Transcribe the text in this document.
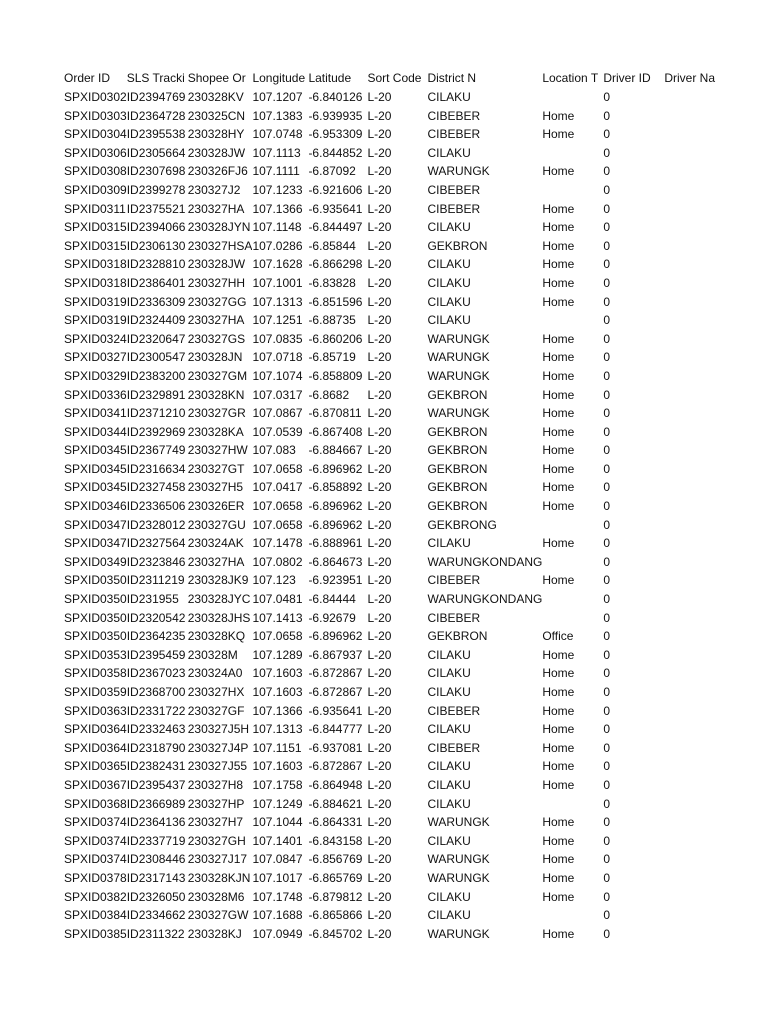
Order ID	SLS Tracki	Shopee Or	Longitude	Latitude	Sort Code	District N	Location T	Driver ID	Driver Na
SPXID0302	ID2394769	230328KV	107.1207	-6.840126	L-20	CILAKU		0	
SPXID0303	ID2364728	230325CN	107.1383	-6.939935	L-20	CIBEBER	Home	0	
SPXID0304	ID2395538	230328HY	107.0748	-6.953309	L-20	CIBEBER	Home	0	
SPXID0306	ID2305664	230328JW	107.1113	-6.844852	L-20	CILAKU		0	
SPXID0308	ID2307698	230326FJ6	107.1111	-6.87092	L-20	WARUNGK	Home	0	
SPXID0309	ID2399278	230327J2	107.1233	-6.921606	L-20	CIBEBER		0	
SPXID0311	ID2375521	230327HA	107.1366	-6.935641	L-20	CIBEBER	Home	0	
SPXID0315	ID2394066	230328JYN	107.1148	-6.844497	L-20	CILAKU	Home	0	
SPXID0315	ID2306130	230327HSA	107.0286	-6.85844	L-20	GEKBRON	Home	0	
SPXID0318	ID2328810	230328JW	107.1628	-6.866298	L-20	CILAKU	Home	0	
SPXID0318	ID2386401	230327HH	107.1001	-6.83828	L-20	CILAKU	Home	0	
SPXID0319	ID2336309	230327GG	107.1313	-6.851596	L-20	CILAKU	Home	0	
SPXID0319	ID2324409	230327HA	107.1251	-6.88735	L-20	CILAKU		0	
SPXID0324	ID2320647	230327GS	107.0835	-6.860206	L-20	WARUNGK	Home	0	
SPXID0327	ID2300547	230328JN	107.0718	-6.85719	L-20	WARUNGK	Home	0	
SPXID0329	ID2383200	230327GM	107.1074	-6.858809	L-20	WARUNGK	Home	0	
SPXID0336	ID2329891	230328KN	107.0317	-6.8682	L-20	GEKBRON	Home	0	
SPXID0341	ID2371210	230327GR	107.0867	-6.870811	L-20	WARUNGK	Home	0	
SPXID0344	ID2392969	230328KA	107.0539	-6.867408	L-20	GEKBRON	Home	0	
SPXID0345	ID2367749	230327HW	107.083	-6.884667	L-20	GEKBRON	Home	0	
SPXID0345	ID2316634	230327GT	107.0658	-6.896962	L-20	GEKBRON	Home	0	
SPXID0345	ID2327458	230327H5	107.0417	-6.858892	L-20	GEKBRON	Home	0	
SPXID0346	ID2336506	230326ER	107.0658	-6.896962	L-20	GEKBRON	Home	0	
SPXID0347	ID2328012	230327GU	107.0658	-6.896962	L-20	GEKBRONG		0	
SPXID0347	ID2327564	230324AK	107.1478	-6.888961	L-20	CILAKU	Home	0	
SPXID0349	ID2323846	230327HA	107.0802	-6.864673	L-20	WARUNGKONDANG		0	
SPXID0350	ID2311219	230328JK9	107.123	-6.923951	L-20	CIBEBER	Home	0	
SPXID0350	ID231955	230328JYC	107.0481	-6.84444	L-20	WARUNGKONDANG		0	
SPXID0350	ID2320542	230328JHS	107.1413	-6.92679	L-20	CIBEBER		0	
SPXID0350	ID2364235	230328KQ	107.0658	-6.896962	L-20	GEKBRON	Office	0	
SPXID0353	ID2395459	230328M	107.1289	-6.867937	L-20	CILAKU	Home	0	
SPXID0358	ID2367023	230324A0	107.1603	-6.872867	L-20	CILAKU	Home	0	
SPXID0359	ID2368700	230327HX	107.1603	-6.872867	L-20	CILAKU	Home	0	
SPXID0363	ID2331722	230327GF	107.1366	-6.935641	L-20	CIBEBER	Home	0	
SPXID0364	ID2332463	230327J5H	107.1313	-6.844777	L-20	CILAKU	Home	0	
SPXID0364	ID2318790	230327J4P	107.1151	-6.937081	L-20	CIBEBER	Home	0	
SPXID0365	ID2382431	230327J55	107.1603	-6.872867	L-20	CILAKU	Home	0	
SPXID0367	ID2395437	230327H8	107.1758	-6.864948	L-20	CILAKU	Home	0	
SPXID0368	ID2366989	230327HP	107.1249	-6.884621	L-20	CILAKU		0	
SPXID0374	ID2364136	230327H7	107.1044	-6.864331	L-20	WARUNGK	Home	0	
SPXID0374	ID2337719	230327GH	107.1401	-6.843158	L-20	CILAKU	Home	0	
SPXID0374	ID2308446	230327J17	107.0847	-6.856769	L-20	WARUNGK	Home	0	
SPXID0378	ID2317143	230328KJN	107.1017	-6.865769	L-20	WARUNGK	Home	0	
SPXID0382	ID2326050	230328M6	107.1748	-6.879812	L-20	CILAKU	Home	0	
SPXID0384	ID2334662	230327GW	107.1688	-6.865866	L-20	CILAKU		0	
SPXID0385	ID2311322	230328KJ	107.0949	-6.845702	L-20	WARUNGK	Home	0	
